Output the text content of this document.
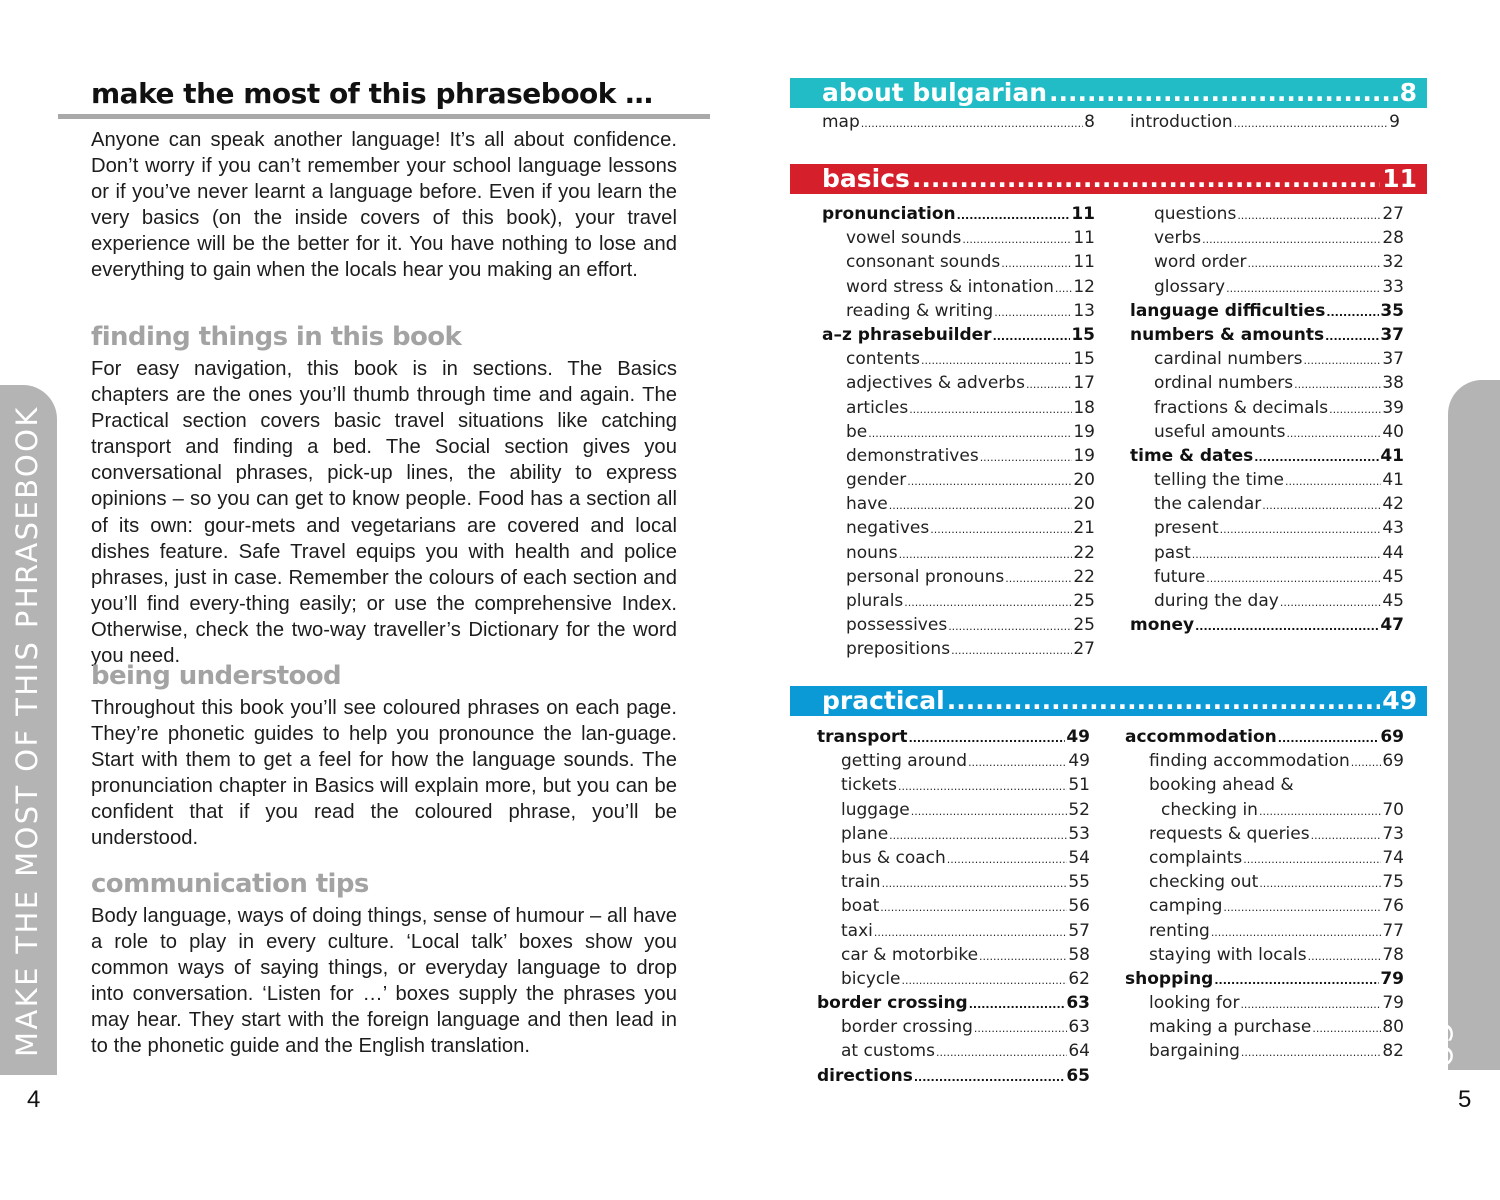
make the most of this phrasebook …

Anyone can speak another language! It’s all about confidence. Don’t worry if you can’t remember your school language lessons or if you’ve never learnt a language before. Even if you learn the very basics (on the inside covers of this book), your travel experience will be the better for it. You have nothing to lose and everything to gain when the locals hear you making an effort.

finding things in this book

For easy navigation, this book is in sections. The Basics chapters are the ones you’ll thumb through time and again. The Practical section covers basic travel situations like catching transport and finding a bed. The Social section gives you conversational phrases, pick-up lines, the ability to express opinions – so you can get to know people. Food has a section all of its own: gour-mets and vegetarians are covered and local dishes feature. Safe Travel equips you with health and police phrases, just in case. Remember the colours of each section and you’ll find every-thing easily; or use the comprehensive Index. Otherwise, check the two-way traveller’s Dictionary for the word you need.

being understood

Throughout this book you’ll see coloured phrases on each page. They’re phonetic guides to help you pronounce the lan-guage. Start with them to get a feel for how the language sounds. The pronunciation chapter in Basics will explain more, but you can be confident that if you read the coloured phrase, you’ll be understood.

communication tips

Body language, ways of doing things, sense of humour – all have a role to play in every culture. ‘Local talk’ boxes show you common ways of saying things, or everyday language to drop into conversation. ‘Listen for …’ boxes supply the phrases you may hear. They start with the foreign language and then lead in to the phonetic guide and the English translation.

MAKE THE MOST OF THIS PHRASEBOOK
4
about bulgarian .....	8
map .....	8 introduction .....	9
basics .....	11
pronunciation .....	11
vowel sounds .....	11
consonant sounds .....	11
word stress & intonation ..... 12
reading & writing .....	13
a–z phrasebuilder .....	15
contents .....	15
adjectives & adverbs .....	17
articles .....	18
be .....	19
demonstratives .....	19
gender .....	20
have .....	20
negatives .....	21
nouns .....	22
personal pronouns .....	22
plurals .....	25
possessives .....	25
prepositions .....	27
questions .....	27
verbs .....	28
word order .....	32
glossary .....	33
language difficulties .....	35
numbers & amounts .....	37
cardinal numbers .....	37
ordinal numbers .....	38
fractions & decimals .....	39
useful amounts .....	40
time & dates .....	41
telling the time .....	41
the calendar .....	42
present .....	43
past .....	44
future .....	45
during the day .....	45
money .....	47
practical .....	49
transport .....	49
getting around .....	49
tickets .....	51
luggage .....	52
plane .....	53
bus & coach .....	54
train .....	55
boat .....	56
taxi .....	57
car & motorbike .....	58
bicycle .....	62
border crossing .....	63
border crossing .....	63
at customs .....	64
directions .....	65
accommodation .....	69
finding accommodation ..... 69
booking ahead &
checking in .....	70
requests & queries .....	73
complaints .....	74
checking out .....	75
camping .....	76
renting .....	77
staying with locals .....	78
shopping .....	79
looking for .....	79
making a purchase .....	80
bargaining .....	82 CONTENTS 5
